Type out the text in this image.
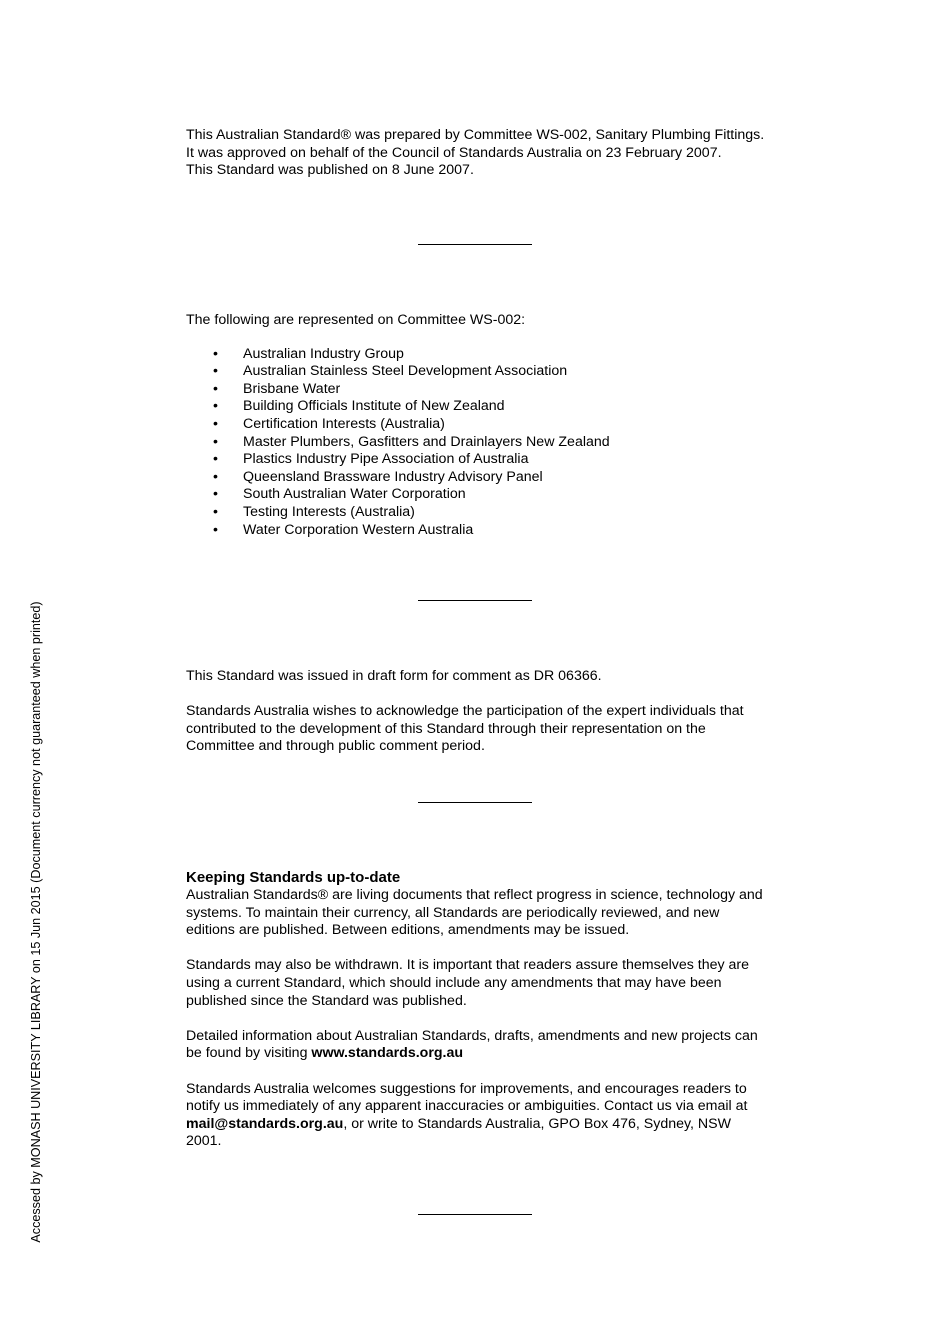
This Australian Standard® was prepared by Committee WS-002, Sanitary Plumbing Fittings. It was approved on behalf of the Council of Standards Australia on 23 February 2007.

This Standard was published on 8 June 2007.

The following are represented on Committee WS-002:

• Australian Industry Group
• Australian Stainless Steel Development Association
• Brisbane Water
• Building Officials Institute of New Zealand
• Certification Interests (Australia)
• Master Plumbers, Gasfitters and Drainlayers New Zealand
• Plastics Industry Pipe Association of Australia
• Queensland Brassware Industry Advisory Panel
• South Australian Water Corporation
• Testing Interests (Australia)
• Water Corporation Western Australia

This Standard was issued in draft form for comment as DR 06366.

Standards Australia wishes to acknowledge the participation of the expert individuals that contributed to the development of this Standard through their representation on the Committee and through public comment period.

Keeping Standards up-to-date

Australian Standards® are living documents that reflect progress in science, technology and systems. To maintain their currency, all Standards are periodically reviewed, and new editions are published. Between editions, amendments may be issued.

Standards may also be withdrawn. It is important that readers assure themselves they are using a current Standard, which should include any amendments that may have been published since the Standard was published.

Detailed information about Australian Standards, drafts, amendments and new projects can be found by visiting www.standards.org.au

Standards Australia welcomes suggestions for improvements, and encourages readers to notify us immediately of any apparent inaccuracies or ambiguities. Contact us via email at mail@standards.org.au, or write to Standards Australia, GPO Box 476, Sydney, NSW 2001.

Accessed by MONASH UNIVERSITY LIBRARY on 15 Jun 2015 (Document currency not guaranteed when printed)
